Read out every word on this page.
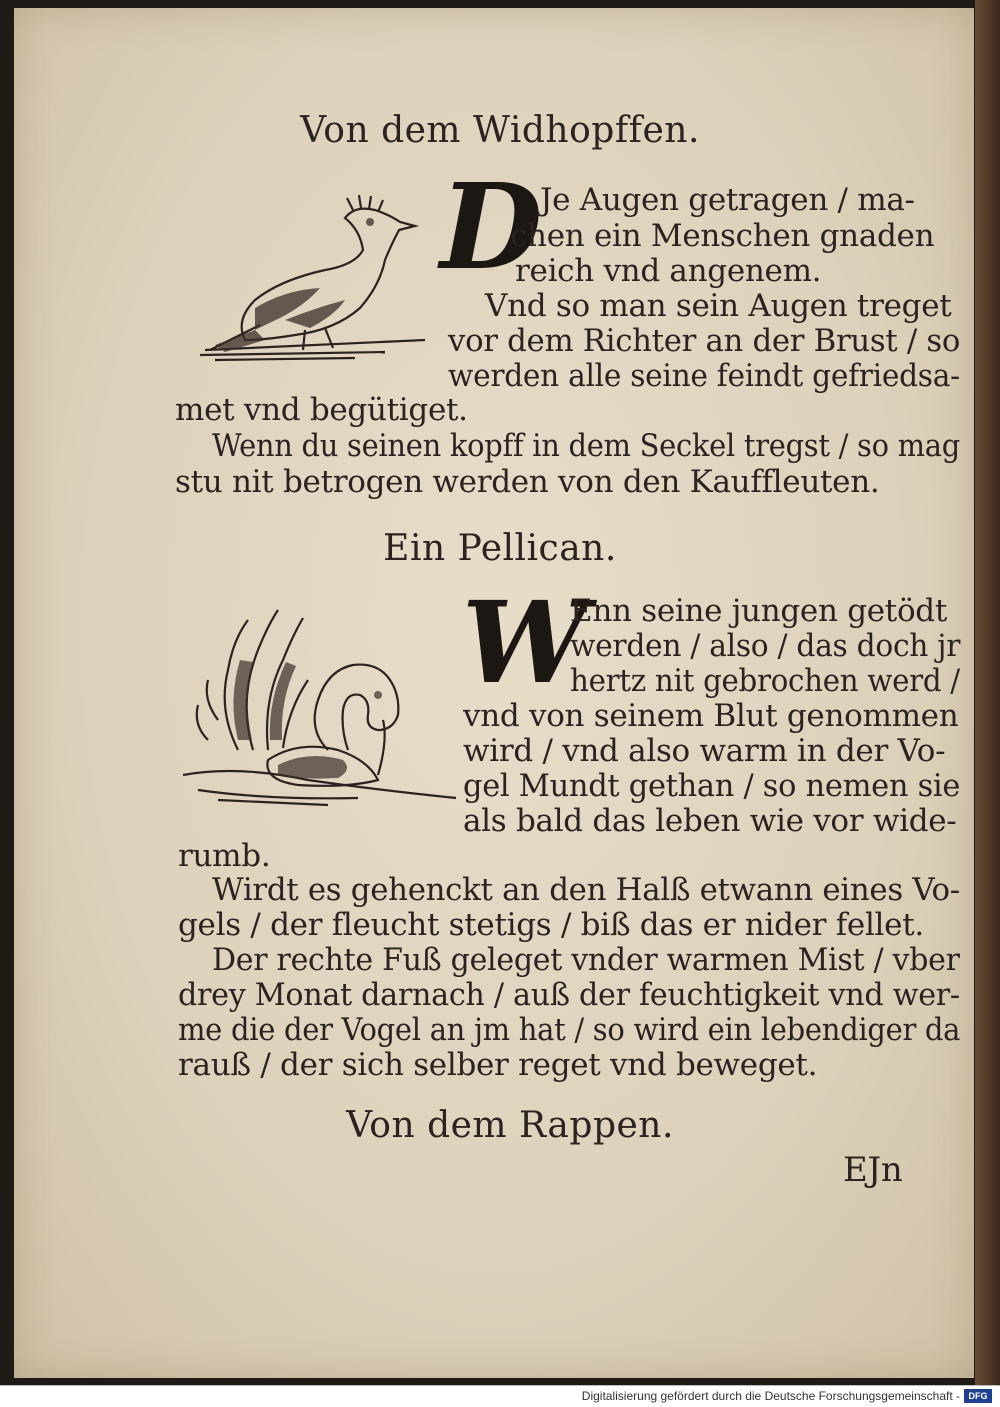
Von dem Widhopffen.
D
Je Augen getragen / ma-
chen ein Menschen gnaden
reich vnd angenem.
Vnd so man sein Augen treget
vor dem Richter an der Brust / so
werden alle seine feindt gefriedsa-
met vnd begütiget.
Wenn du seinen kopff in dem Seckel tregst / so mag
stu nit betrogen werden von den Kauffleuten.
Ein Pellican.
W
Enn seine jungen getödt
werden / also / das doch jr
hertz nit gebrochen werd /
vnd von seinem Blut genommen
wird / vnd also warm in der Vo-
gel Mundt gethan / so nemen sie
als bald das leben wie vor wide-
rumb.
Wirdt es gehenckt an den Halß etwann eines Vo-
gels / der fleucht stetigs / biß das er nider fellet.
Der rechte Fuß geleget vnder warmen Mist / vber
drey Monat darnach / auß der feuchtigkeit vnd wer-
me die der Vogel an jm hat / so wird ein lebendiger da
rauß / der sich selber reget vnd beweget.
Von dem Rappen.
EJn
Digitalisierung gefördert durch die Deutsche Forschungsgemeinschaft - DFG
